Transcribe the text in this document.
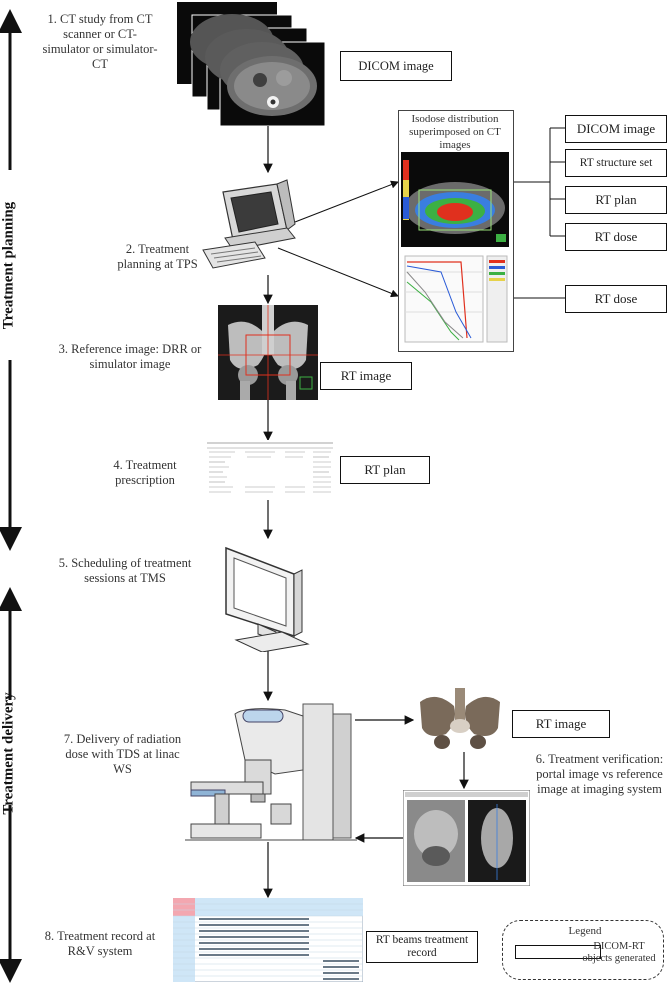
Treatment planning
Treatment delivery
1. CT study from CT scanner or CT-simulator or simulator-CT
2. Treatment planning at TPS
3. Reference image: DRR or simulator image
4. Treatment prescription
5. Scheduling of treatment sessions at TMS
6. Treatment verification: portal image vs reference image at imaging system
7. Delivery of radiation dose with TDS at linac WS
8. Treatment record at R&V system
DICOM image
Isodose distribution superimposed on CT images
DICOM image
RT structure set
RT plan
RT dose
RT dose
RT image
RT plan
RT image
RT beams treatment record
Legend
DICOM-RT objects generated
